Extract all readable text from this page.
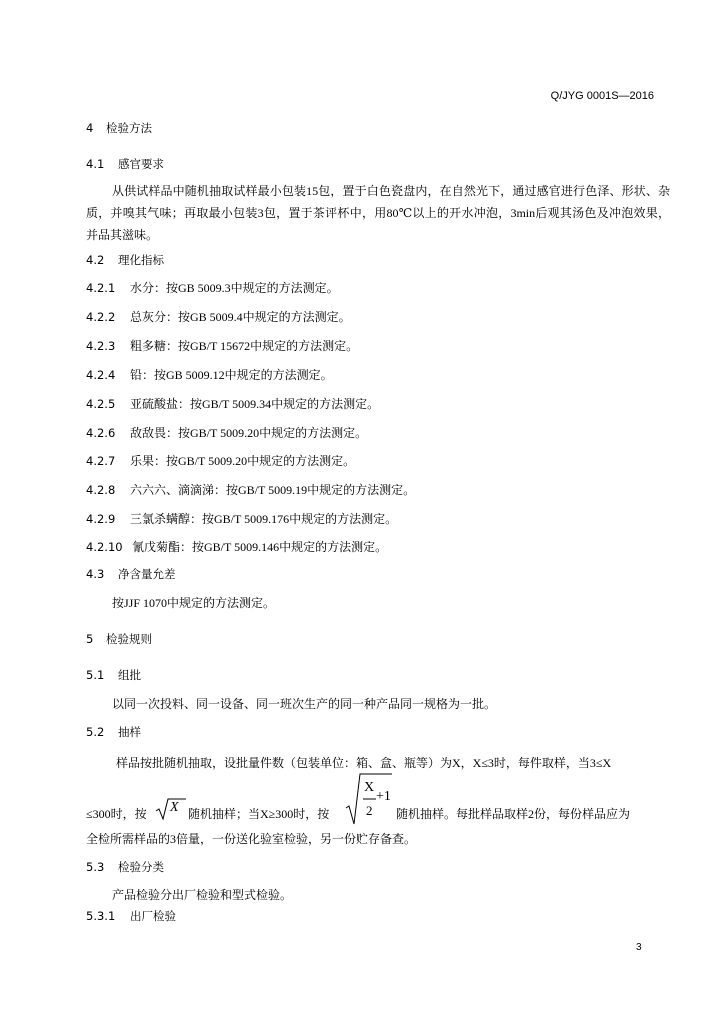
Q/JYG 0001S—2016
4 检验方法
4.1 感官要求
从供试样品中随机抽取试样最小包装15包，置于白色瓷盘内，在自然光下，通过感官进行色泽、形状、杂质，并嗅其气味；再取最小包装3包，置于茶评杯中，用80℃以上的开水冲泡，3min后观其汤色及冲泡效果，并品其滋味。
4.2 理化指标
4.2.1 水分：按GB 5009.3中规定的方法测定。
4.2.2 总灰分：按GB 5009.4中规定的方法测定。
4.2.3 粗多糖：按GB/T 15672中规定的方法测定。
4.2.4 铅：按GB 5009.12中规定的方法测定。
4.2.5 亚硫酸盐：按GB/T 5009.34中规定的方法测定。
4.2.6 敌敌畏：按GB/T 5009.20中规定的方法测定。
4.2.7 乐果：按GB/T 5009.20中规定的方法测定。
4.2.8 六六六、滴滴涕：按GB/T 5009.19中规定的方法测定。
4.2.9 三氯杀螨醇：按GB/T 5009.176中规定的方法测定。
4.2.10 氰戊菊酯：按GB/T 5009.146中规定的方法测定。
4.3 净含量允差
按JJF 1070中规定的方法测定。
5 检验规则
5.1 组批
以同一次投料、同一设备、同一班次生产的同一种产品同一规格为一批。
5.2 抽样
样品按批随机抽取，设批量件数（包装单位：箱、盒、瓶等）为X，X≤3时，每件取样，当3≤X
≤300时，按 X 随机抽样；当X≥300时，按
X
2
+1
随机抽样。每批样品取样2份，每份样品应为
全检所需样品的3倍量，一份送化验室检验，另一份贮存备查。
5.3 检验分类
产品检验分出厂检验和型式检验。
5.3.1 出厂检验
3
